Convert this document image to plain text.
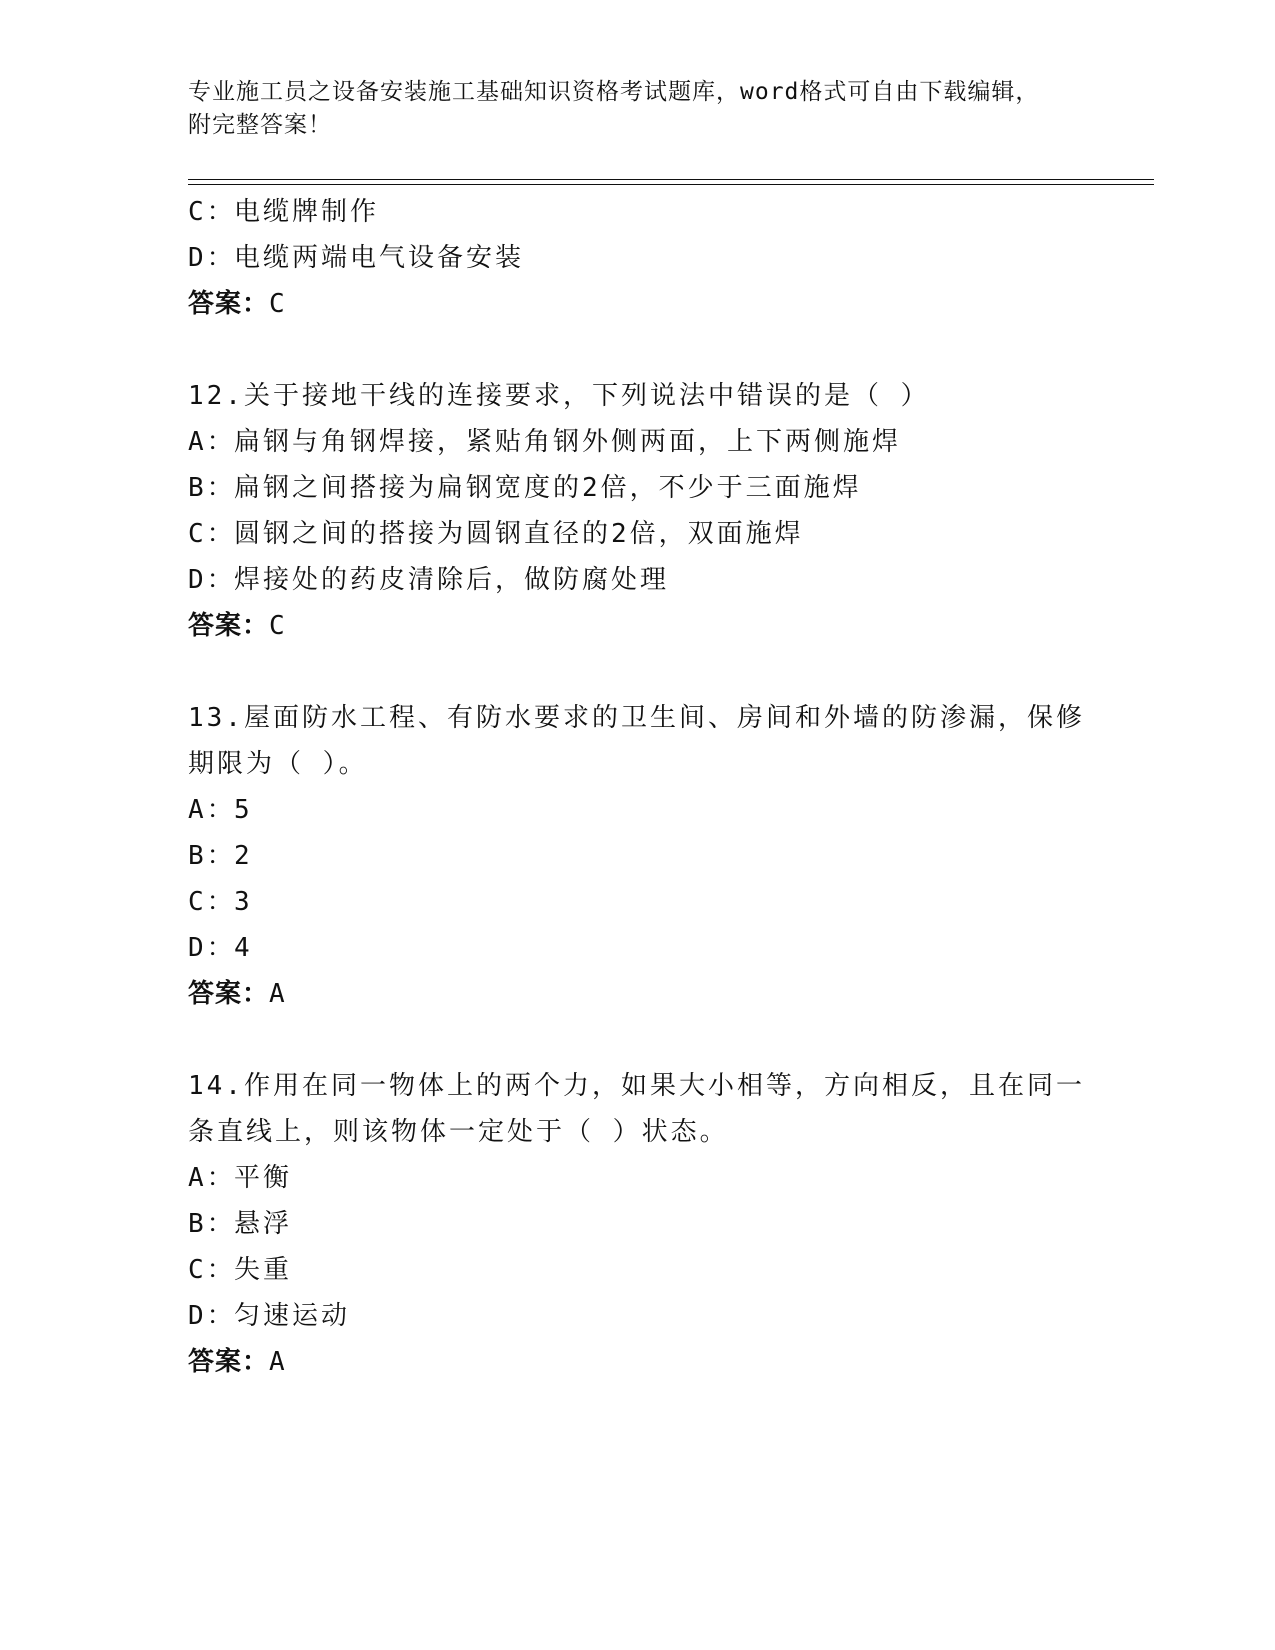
专业施工员之设备安装施工基础知识资格考试题库，word格式可自由下载编辑，
附完整答案！
C：电缆牌制作
D：电缆两端电气设备安装
答案：C
12.关于接地干线的连接要求，下列说法中错误的是（ ）
A：扁钢与角钢焊接，紧贴角钢外侧两面，上下两侧施焊
B：扁钢之间搭接为扁钢宽度的2倍，不少于三面施焊
C：圆钢之间的搭接为圆钢直径的2倍，双面施焊
D：焊接处的药皮清除后，做防腐处理
答案：C
13.屋面防水工程、有防水要求的卫生间、房间和外墙的防渗漏，保修
期限为（ ）。
A：5
B：2
C：3
D：4
答案：A
14.作用在同一物体上的两个力，如果大小相等，方向相反，且在同一
条直线上，则该物体一定处于（ ）状态。
A：平衡
B：悬浮
C：失重
D：匀速运动
答案：A
